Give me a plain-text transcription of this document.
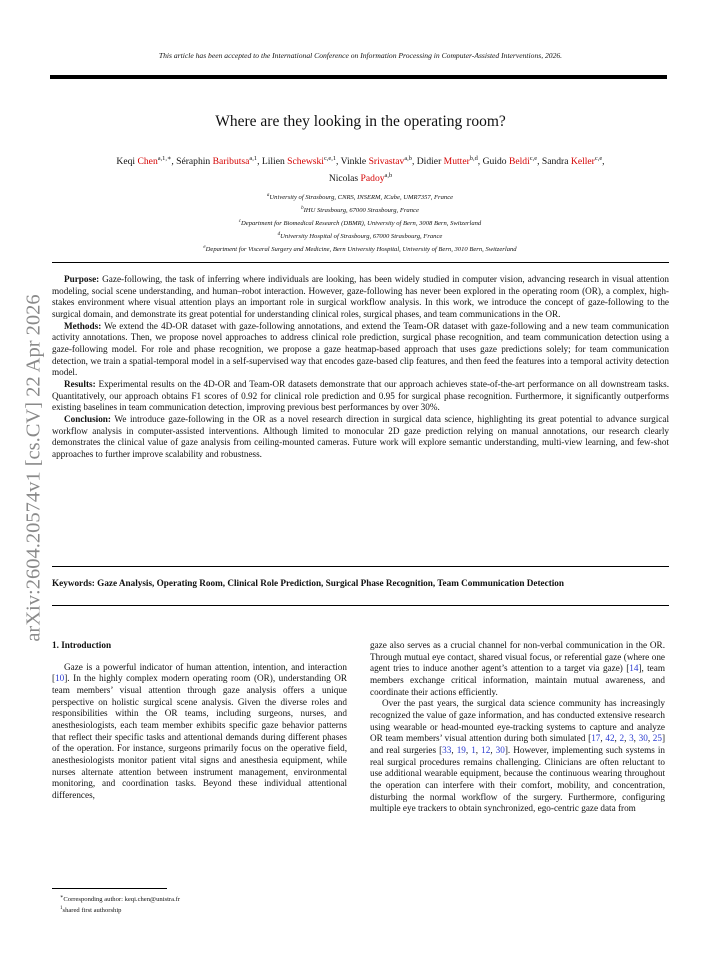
This article has been accepted to the International Conference on Information Processing in Computer-Assisted Interventions, 2026.
Where are they looking in the operating room?
Keqi Chen$^{a,1,∗}$, Séraphin Baributsa$^{a,1}$, Lilien Schewski$^{c,e,1}$, Vinkle Srivastav$^{a,b}$, Didier Mutter$^{b,d}$, Guido Beldi$^{c,e}$, Sandra Keller$^{c,e}$,
Nicolas Padoy$^{a,b}$
$^a$University of Strasbourg, CNRS, INSERM, ICube, UMR7357, France
$^b$IHU Strasbourg, 67000 Strasbourg, France
$^c$Department for Biomedical Research (DBMR), University of Bern, 3008 Bern, Switzerland
$^d$University Hospital of Strasbourg, 67000 Strasbourg, France
$^e$Department for Visceral Surgery and Medicine, Bern University Hospital, University of Bern, 3010 Bern, Switzerland
arXiv:2604.20574v1 [cs.CV] 22 Apr 2026

Purpose: Gaze-following, the task of inferring where individuals are looking, has been widely studied in computer vision, advancing research in visual attention modeling, social scene understanding, and human–robot interaction. However, gaze-following has never been explored in the operating room (OR), a complex, high-stakes environment where visual attention plays an important role in surgical workflow analysis. In this work, we introduce the concept of gaze-following to the surgical domain, and demonstrate its great potential for understanding clinical roles, surgical phases, and team communications in the OR.

Methods: We extend the 4D-OR dataset with gaze-following annotations, and extend the Team-OR dataset with gaze-following and a new team communication activity annotations. Then, we propose novel approaches to address clinical role prediction, surgical phase recognition, and team communication detection using a gaze-following model. For role and phase recognition, we propose a gaze heatmap-based approach that uses gaze predictions solely; for team communication detection, we train a spatial-temporal model in a self-supervised way that encodes gaze-based clip features, and then feed the features into a temporal activity detection model.

Results: Experimental results on the 4D-OR and Team-OR datasets demonstrate that our approach achieves state-of-the-art performance on all downstream tasks. Quantitatively, our approach obtains F1 scores of 0.92 for clinical role prediction and 0.95 for surgical phase recognition. Furthermore, it significantly outperforms existing baselines in team communication detection, improving previous best performances by over 30%.

Conclusion: We introduce gaze-following in the OR as a novel research direction in surgical data science, highlighting its great potential to advance surgical workflow analysis in computer-assisted interventions. Although limited to monocular 2D gaze prediction relying on manual annotations, our research clearly demonstrates the clinical value of gaze analysis from ceiling-mounted cameras. Future work will explore semantic understanding, multi-view learning, and few-shot approaches to further improve scalability and robustness.

Keywords: Gaze Analysis, Operating Room, Clinical Role Prediction, Surgical Phase Recognition, Team Communication Detection
1. Introduction

Gaze is a powerful indicator of human attention, intention, and interaction [10]. In the highly complex modern operating room (OR), understanding OR team members’ visual attention through gaze analysis offers a unique perspective on holistic surgical scene analysis. Given the diverse roles and responsibilities within the OR teams, including surgeons, nurses, and anesthesiologists, each team member exhibits specific gaze behavior patterns that reflect their specific tasks and attentional demands during different phases of the operation. For instance, surgeons primarily focus on the operative field, anesthesiologists monitor patient vital signs and anesthesia equipment, while nurses alternate attention between instrument management, environmental monitoring, and coordination tasks. Beyond these individual attentional differences,

gaze also serves as a crucial channel for non-verbal communication in the OR. Through mutual eye contact, shared visual focus, or referential gaze (where one agent tries to induce another agent’s attention to a target via gaze) [14], team members exchange critical information, maintain mutual awareness, and coordinate their actions efficiently.

Over the past years, the surgical data science community has increasingly recognized the value of gaze information, and has conducted extensive research using wearable or head-mounted eye-tracking systems to capture and analyze OR team members’ visual attention during both simulated [17, 42, 2, 3, 30, 25] and real surgeries [33, 19, 1, 12, 30]. However, implementing such systems in real surgical procedures remains challenging. Clinicians are often reluctant to use additional wearable equipment, because the continuous wearing throughout the operation can interfere with their comfort, mobility, and concentration, disturbing the normal workflow of the surgery. Furthermore, configuring multiple eye trackers to obtain synchronized, ego-centric gaze data from

∗Corresponding author: keqi.chen@unistra.fr
$^1$shared first authorship
